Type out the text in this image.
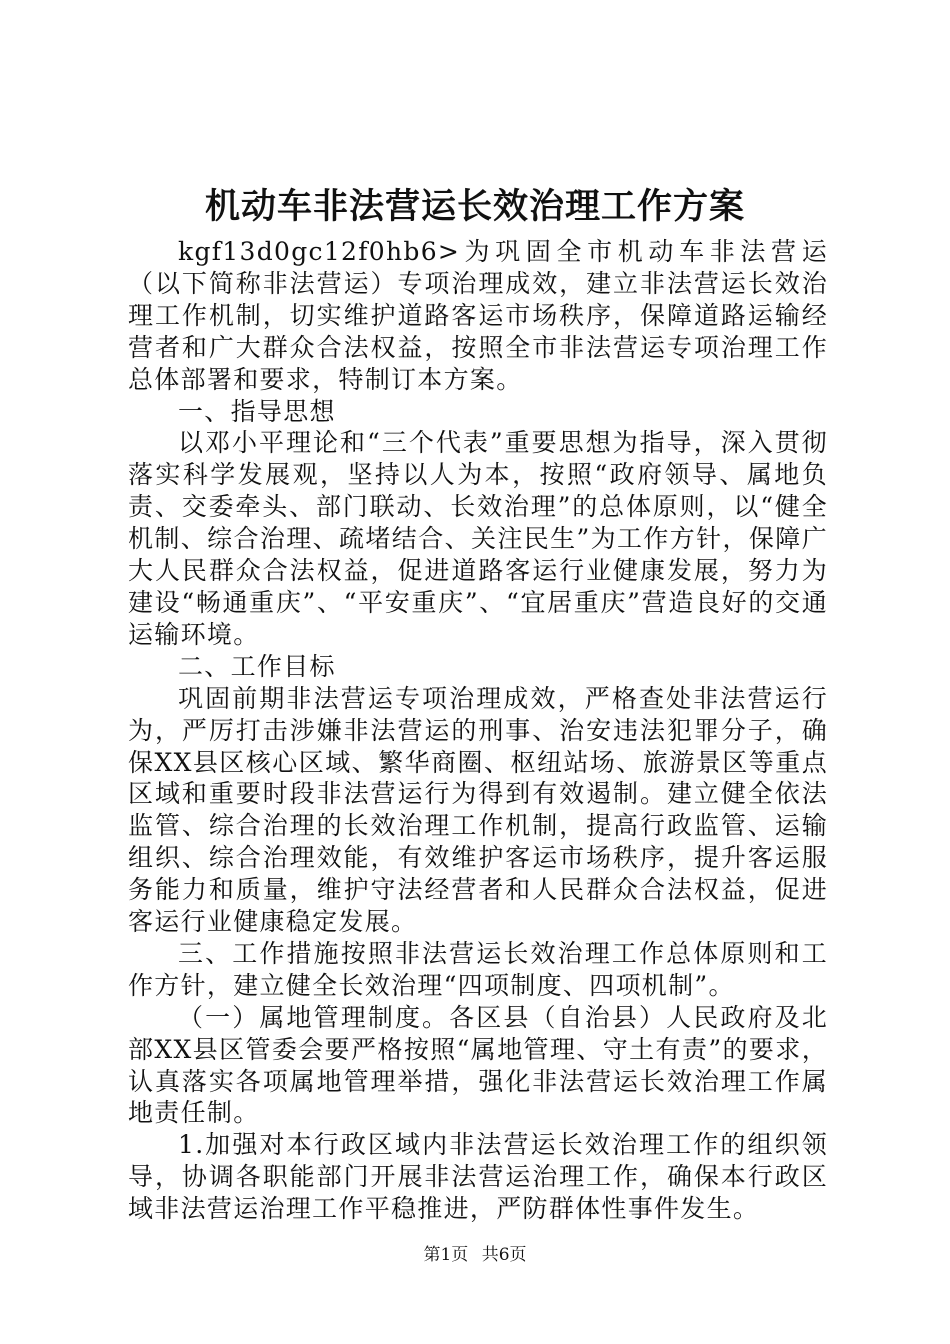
机动车非法营运长效治理工作方案

kgf13d0gc12f0hb6>为巩固全市机动车非法营运（以下简称非法营运）专项治理成效，建立非法营运长效治理工作机制，切实维护道路客运市场秩序，保障道路运输经营者和广大群众合法权益，按照全市非法营运专项治理工作总体部署和要求，特制订本方案。

一、指导思想

以邓小平理论和“三个代表”重要思想为指导，深入贯彻落实科学发展观，坚持以人为本，按照“政府领导、属地负责、交委牵头、部门联动、长效治理”的总体原则，以“健全机制、综合治理、疏堵结合、关注民生”为工作方针，保障广大人民群众合法权益，促进道路客运行业健康发展，努力为建设“畅通重庆”、“平安重庆”、“宜居重庆”营造良好的交通运输环境。

二、工作目标

巩固前期非法营运专项治理成效，严格查处非法营运行为，严厉打击涉嫌非法营运的刑事、治安违法犯罪分子，确保XX县区核心区域、繁华商圈、枢纽站场、旅游景区等重点区域和重要时段非法营运行为得到有效遏制。建立健全依法监管、综合治理的长效治理工作机制，提高行政监管、运输组织、综合治理效能，有效维护客运市场秩序，提升客运服务能力和质量，维护守法经营者和人民群众合法权益，促进客运行业健康稳定发展。

三、工作措施按照非法营运长效治理工作总体原则和工作方针，建立健全长效治理“四项制度、四项机制”。

（一）属地管理制度。各区县（自治县）人民政府及北部XX县区管委会要严格按照“属地管理、守土有责”的要求，认真落实各项属地管理举措，强化非法营运长效治理工作属地责任制。

1.加强对本行政区域内非法营运长效治理工作的组织领导，协调各职能部门开展非法营运治理工作，确保本行政区域非法营运治理工作平稳推进，严防群体性事件发生。

第1页 共6页
